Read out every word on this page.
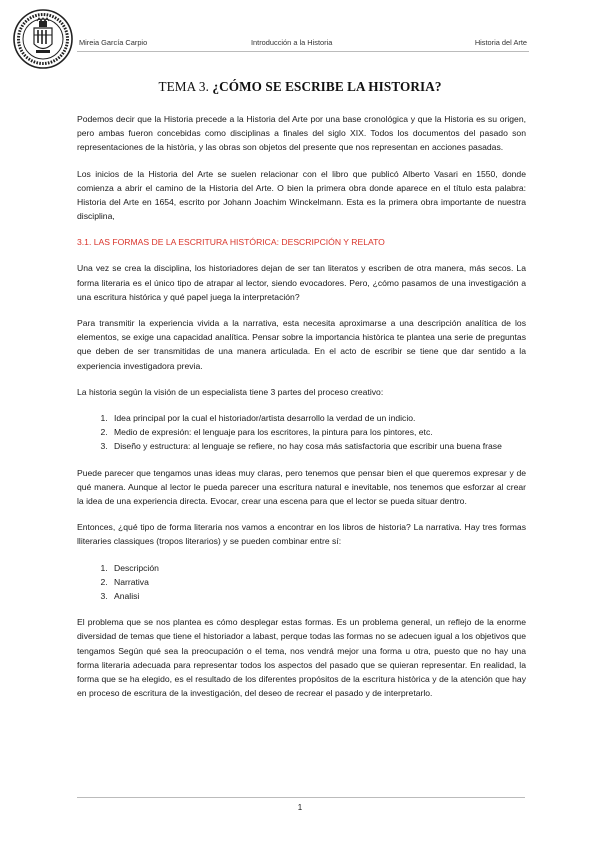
Mireia García Carpio	Introducción a la Historia	Historia del Arte
TEMA 3. ¿CÓMO SE ESCRIBE LA HISTORIA?

Podemos decir que la Historia precede a la Historia del Arte por una base cronológica y que la Historia es su origen, pero ambas fueron concebidas como disciplinas a finales del siglo XIX. Todos los documentos del pasado son representaciones de la història, y las obras son objetos del presente que nos representan en acciones pasadas.

Los inicios de la Historia del Arte se suelen relacionar con el libro que publicó Alberto Vasari en 1550, donde comienza a abrir el camino de la Historia del Arte. O bien la primera obra donde aparece en el título esta palabra: Historia del Arte en 1654, escrito por Johann Joachim Winckelmann. Esta es la primera obra importante de nuestra disciplina,

3.1. LAS FORMAS DE LA ESCRITURA HISTÓRICA: DESCRIPCIÓN Y RELATO

Una vez se crea la disciplina, los historiadores dejan de ser tan literatos y escriben de otra manera, más secos. La forma literaria es el único tipo de atrapar al lector, siendo evocadores. Pero, ¿cómo pasamos de una investigación a una escritura histórica y qué papel juega la interpretación?

Para transmitir la experiencia vivida a la narrativa, esta necesita aproximarse a una descripción analítica de los elementos, se exige una capacidad analítica. Pensar sobre la importancia històrica te plantea una serie de preguntas que deben de ser transmitidas de una manera articulada. En el acto de escribir se tiene que dar sentido a la experiencia investigadora previa.

La historia según la visión de un especialista tiene 3 partes del proceso creativo:

1. Idea principal por la cual el historiador/artista desarrollo la verdad de un indicio.
2. Medio de expresión: el lenguaje para los escritores, la pintura para los pintores, etc.
3. Diseño y estructura: al lenguaje se refiere, no hay cosa más satisfactoria que escribir una buena frase

Puede parecer que tengamos unas ideas muy claras, pero tenemos que pensar bien el que queremos expresar y de qué manera. Aunque al lector le pueda parecer una escritura natural e inevitable, nos tenemos que esforzar al crear la idea de una experiencia directa. Evocar, crear una escena para que el lector se pueda situar dentro.

Entonces, ¿qué tipo de forma literaria nos vamos a encontrar en los libros de historia? La narrativa. Hay tres formas lliteraries classiques (tropos literarios) y se pueden combinar entre sí:

1. Descripción
2. Narrativa
3. Analisi

El problema que se nos plantea es cómo desplegar estas formas. Es un problema general, un reflejo de la enorme diversidad de temas que tiene el historiador a labast, perque todas las formas no se adecuen igual a los objetivos que tengamos Según qué sea la preocupación o el tema, nos vendrá mejor una forma u otra, puesto que no hay una forma literaria adecuada para representar todos los aspectos del pasado que se quieran representar. En realidad, la forma que se ha elegido, es el resultado de los diferentes propósitos de la escritura històrica y de la atención que hay en proceso de escritura de la investigación, del deseo de recrear el pasado y de interpretarlo.

1
